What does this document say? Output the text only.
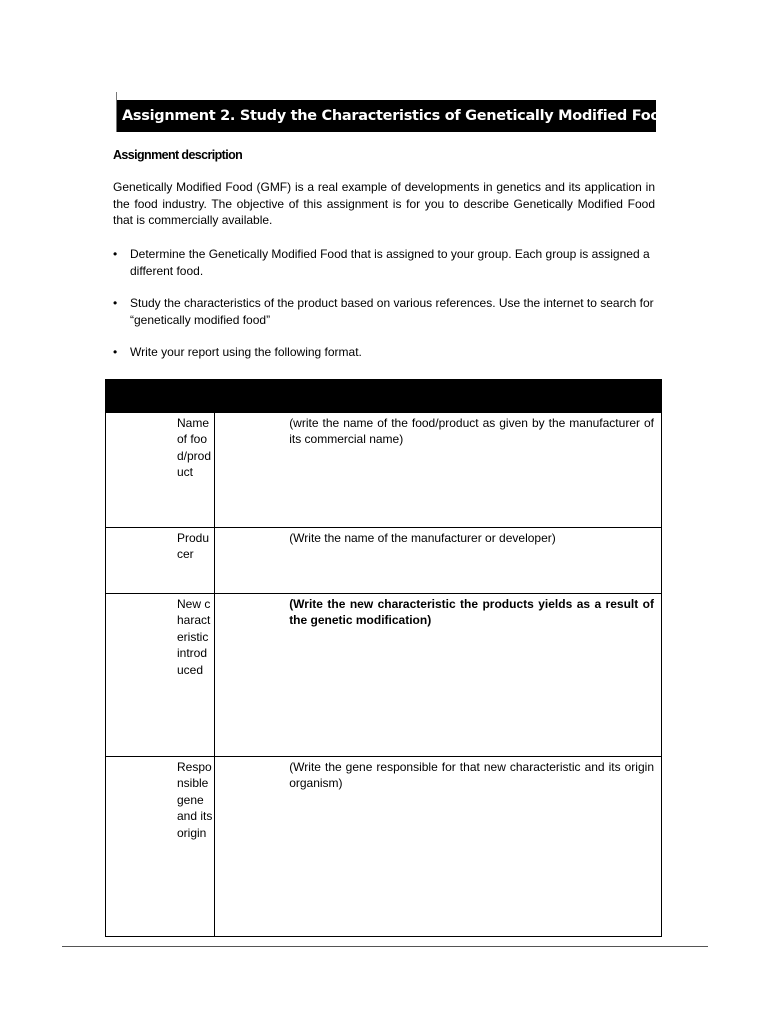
Assignment 2. Study the Characteristics of Genetically Modified Food
Assignment description

Genetically Modified Food (GMF) is a real example of developments in genetics and its application in the food industry. The objective of this assignment is for you to describe Genetically Modified Food that is commercially available.

• Determine the Genetically Modified Food that is assigned to your group. Each group is assigned a different food.
• Study the characteristics of the product based on various references. Use the internet to search for “genetically modified food”
• Write your report using the following format.

Name of food/product	(write the name of the food/product as given by the manufacturer of its commercial name)

Producer	(Write the name of the manufacturer or developer)

New characteristic introduced	(Write the new characteristic the products yields as a result of the genetic modification)

Responsible gene and its origin	(Write the gene responsible for that new characteristic and its origin organism)
